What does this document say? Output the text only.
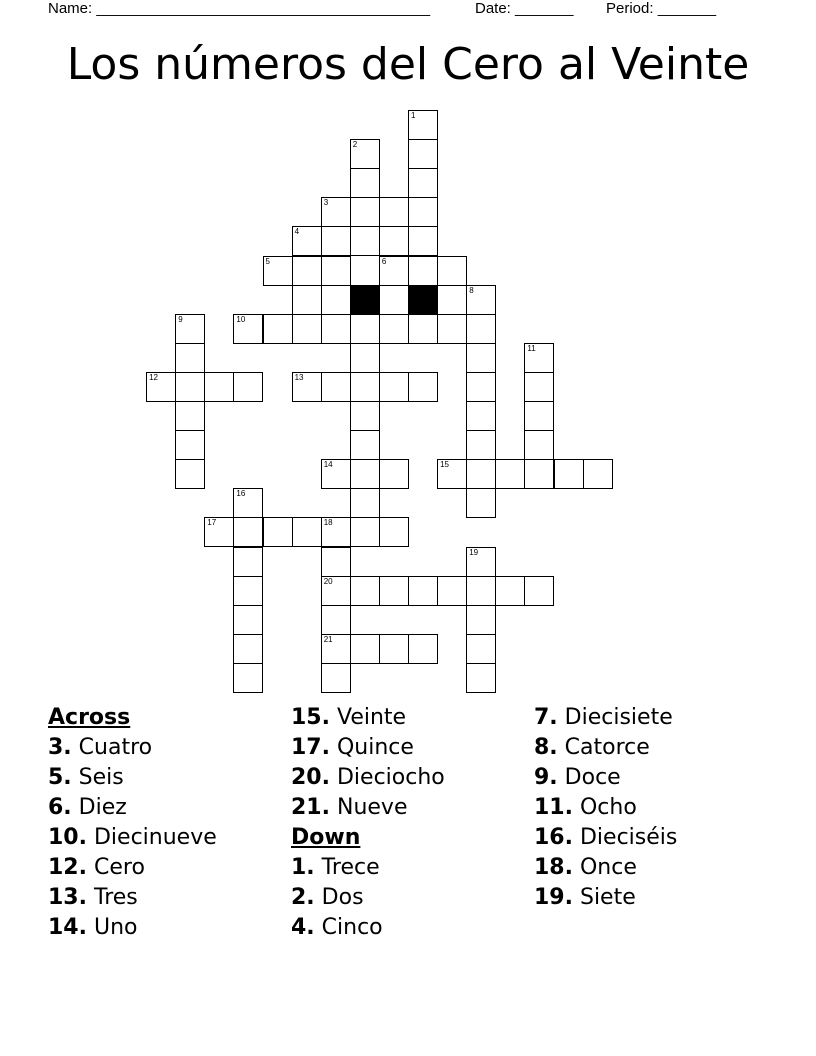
Name: ________________________________________	Date: _______ Period: _______
Los números del Cero al Veinte
3
4
5	6
10
12	13
14	15
17	18
20
21
1
2
7	8
9
11
16
19
Across
3. Cuatro
5. Seis
6. Diez
10. Diecinueve
12. Cero
13. Tres
14. Uno
15. Veinte
17. Quince
20. Dieciocho
21. Nueve
Down
1. Trece
2. Dos
4. Cinco
7. Diecisiete
8. Catorce
9. Doce
11. Ocho
16. Dieciséis
18. Once
19. Siete
